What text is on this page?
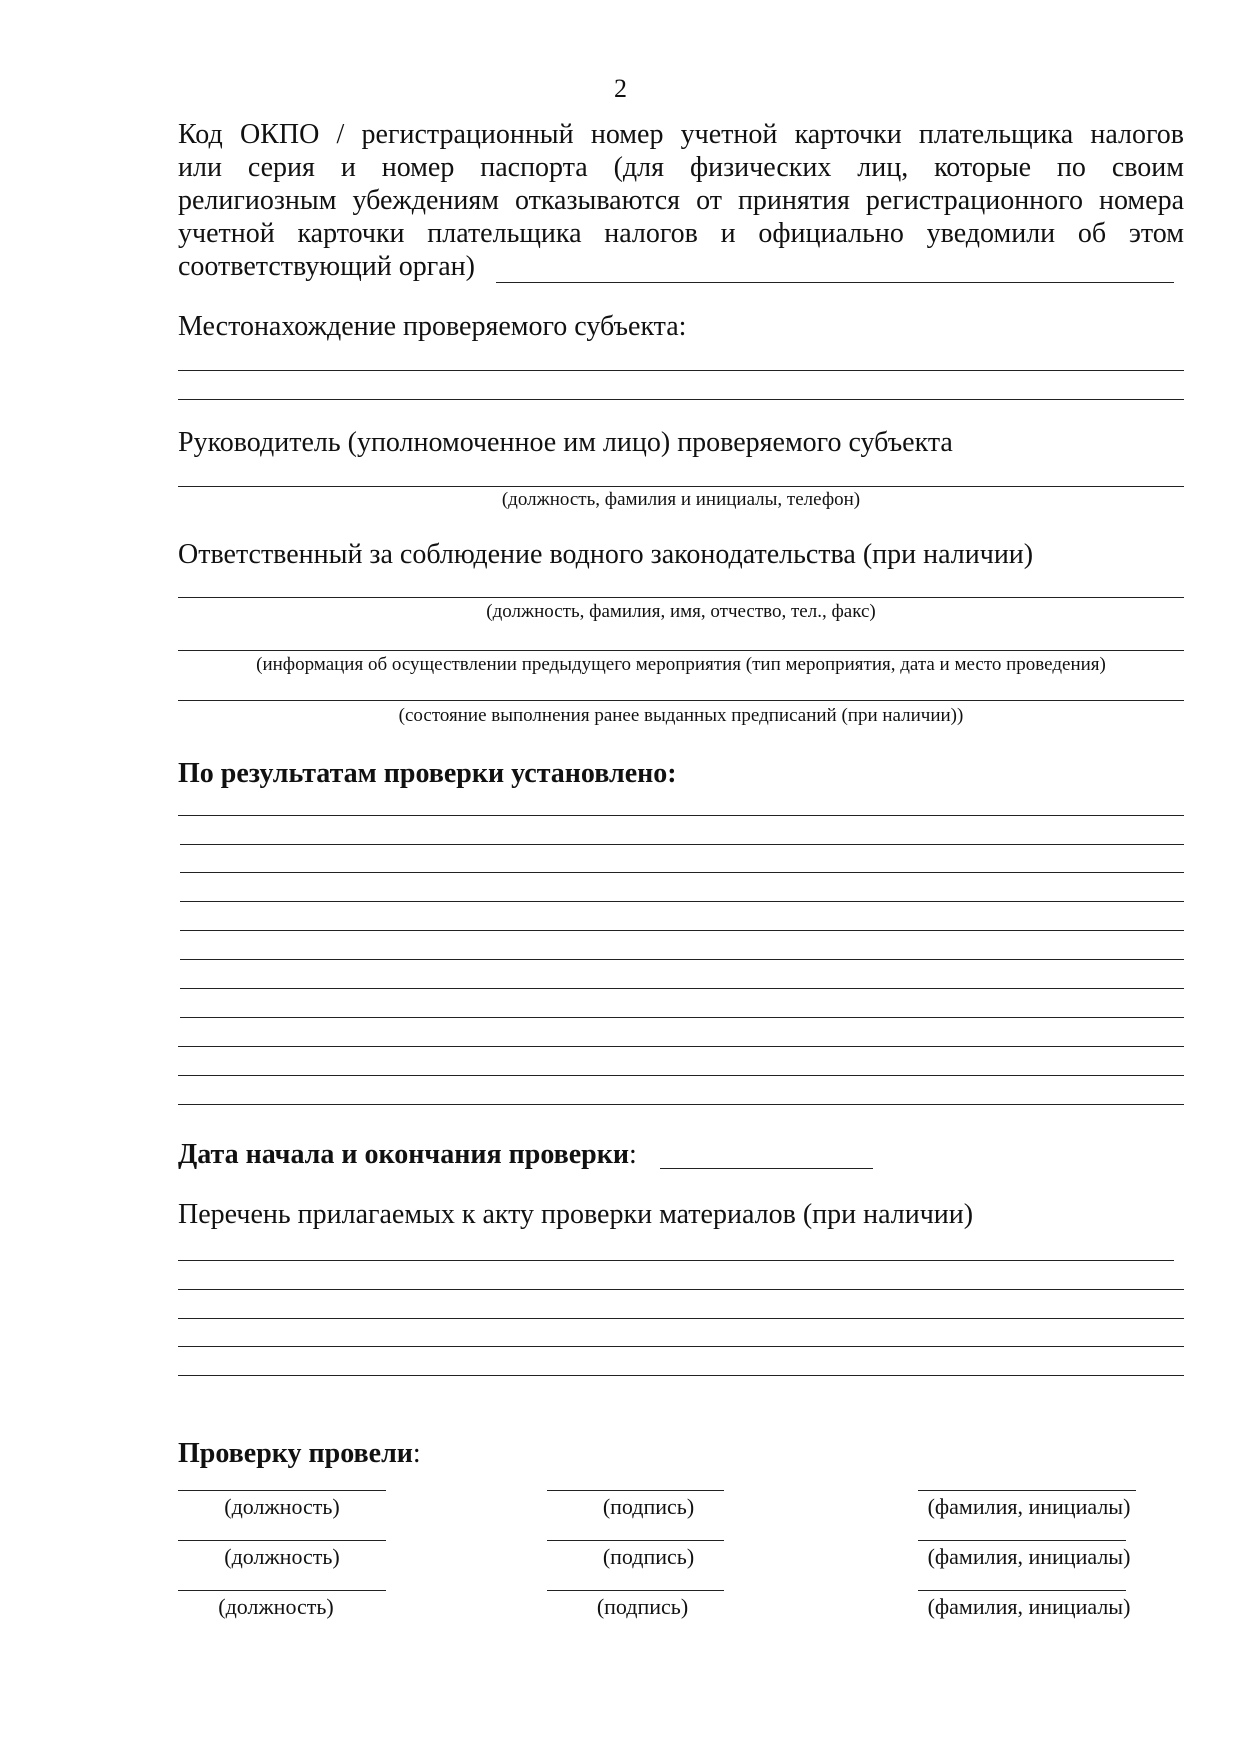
2
Код ОКПО / регистрационный номер учетной карточки плательщика налогов
или серия и номер паспорта (для физических лиц, которые по своим
религиозным убеждениям отказываются от принятия регистрационного номера
учетной карточки плательщика налогов и официально уведомили об этом
соответствующий орган)
Местонахождение проверяемого субъекта:
Руководитель (уполномоченное им лицо) проверяемого субъекта
(должность, фамилия и инициалы, телефон)
Ответственный за соблюдение водного законодательства (при наличии)
(должность, фамилия, имя, отчество, тел., факс)
(информация об осуществлении предыдущего мероприятия (тип мероприятия, дата и место проведения)
(состояние выполнения ранее выданных предписаний (при наличии))
По результатам проверки установлено:
Дата начала и окончания проверки:
Перечень прилагаемых к акту проверки материалов (при наличии)
Проверку провели:
(должность)	(подпись)	(фамилия, инициалы)
(должность)	(подпись)	(фамилия, инициалы)
(должность)	(подпись)	(фамилия, инициалы)
